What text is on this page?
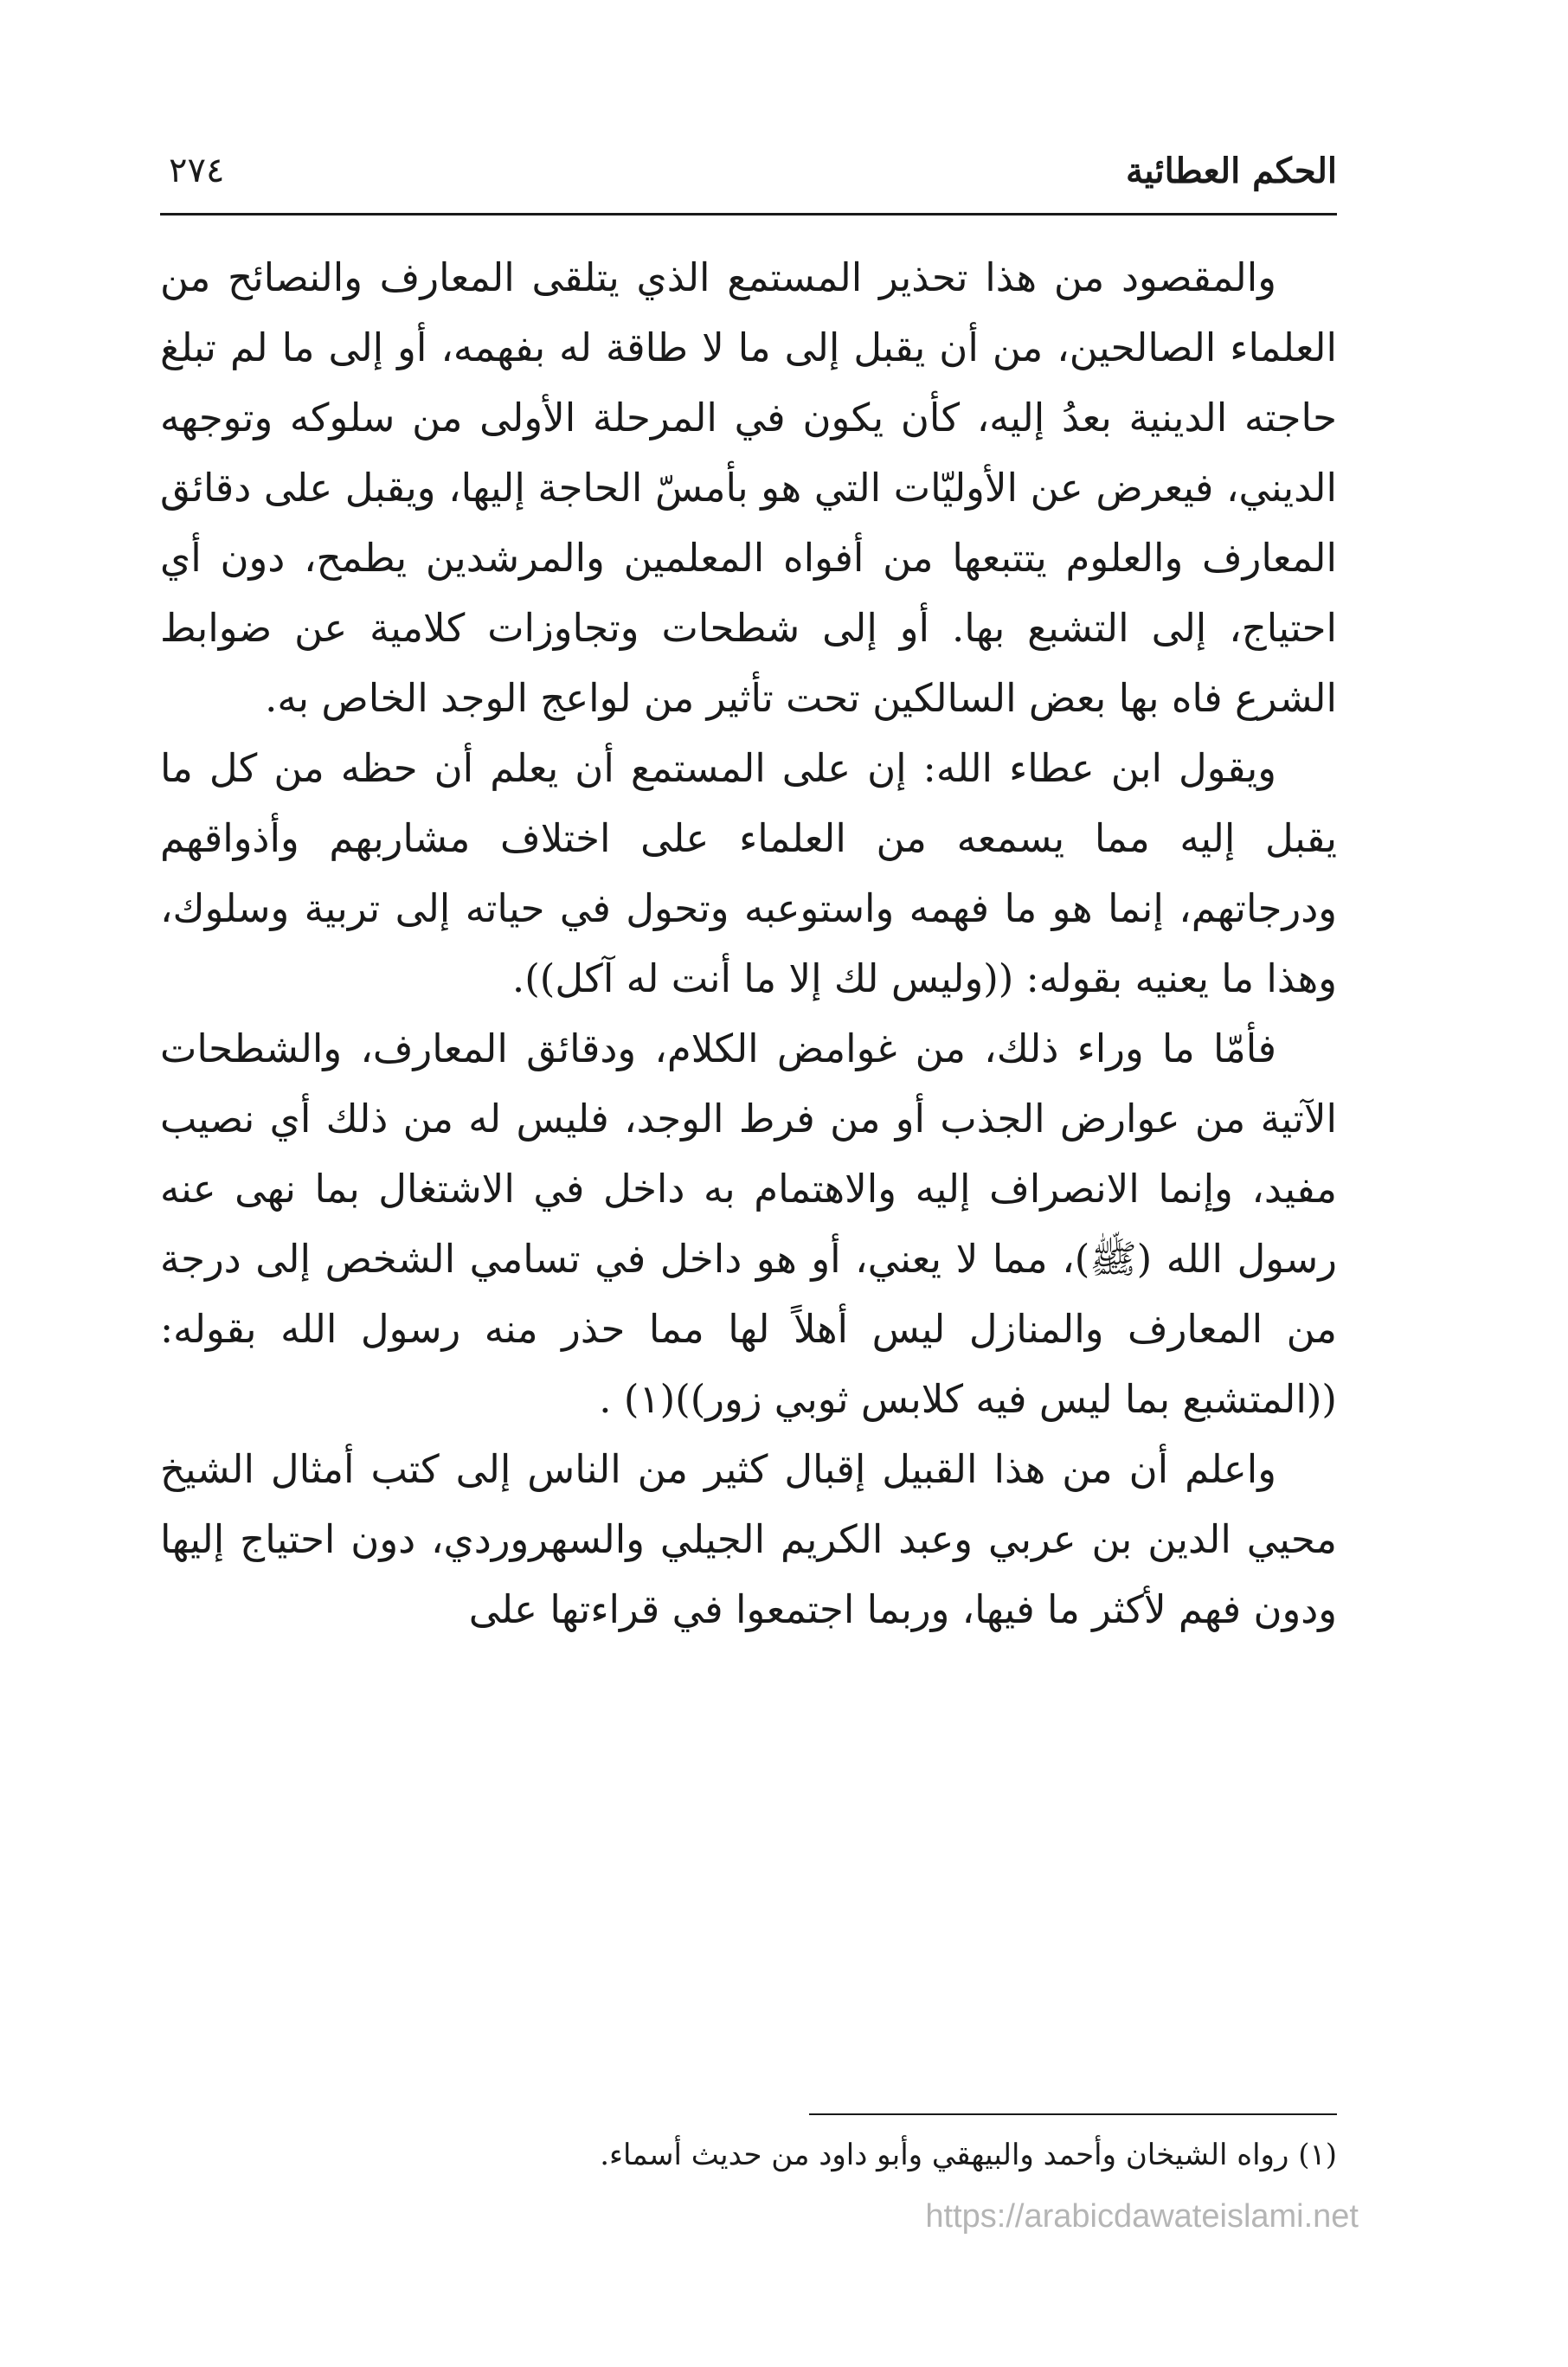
الحكم العطائية
٢٧٤

والمقصود من هذا تحذير المستمع الذي يتلقى المعارف والنصائح من العلماء الصالحين، من أن يقبل إلى ما لا طاقة له بفهمه، أو إلى ما لم تبلغ حاجته الدينية بعدُ إليه، كأن يكون في المرحلة الأولى من سلوكه وتوجهه الديني، فيعرض عن الأوليّات التي هو بأمسّ الحاجة إليها، ويقبل على دقائق المعارف والعلوم يتتبعها من أفواه المعلمين والمرشدين يطمح، دون أي احتياج، إلى التشبع بها. أو إلى شطحات وتجاوزات كلامية عن ضوابط الشرع فاه بها بعض السالكين تحت تأثير من لواعج الوجد الخاص به.

ويقول ابن عطاء الله: إن على المستمع أن يعلم أن حظه من كل ما يقبل إليه مما يسمعه من العلماء على اختلاف مشاربهم وأذواقهم ودرجاتهم، إنما هو ما فهمه واستوعبه وتحول في حياته إلى تربية وسلوك، وهذا ما يعنيه بقوله: ((وليس لك إلا ما أنت له آكل)).

فأمّا ما وراء ذلك، من غوامض الكلام، ودقائق المعارف، والشطحات الآتية من عوارض الجذب أو من فرط الوجد، فليس له من ذلك أي نصيب مفيد، وإنما الانصراف إليه والاهتمام به داخل في الاشتغال بما نهى عنه رسول الله (ﷺ)، مما لا يعني، أو هو داخل في تسامي الشخص إلى درجة من المعارف والمنازل ليس أهلاً لها مما حذر منه رسول الله بقوله: ((المتشبع بما ليس فيه كلابس ثوبي زور))(١) .

واعلم أن من هذا القبيل إقبال كثير من الناس إلى كتب أمثال الشيخ محيي الدين بن عربي وعبد الكريم الجيلي والسهروردي، دون احتياج إليها ودون فهم لأكثر ما فيها، وربما اجتمعوا في قراءتها على

(١) رواه الشيخان وأحمد والبيهقي وأبو داود من حديث أسماء.
https://arabicdawateislami.net
